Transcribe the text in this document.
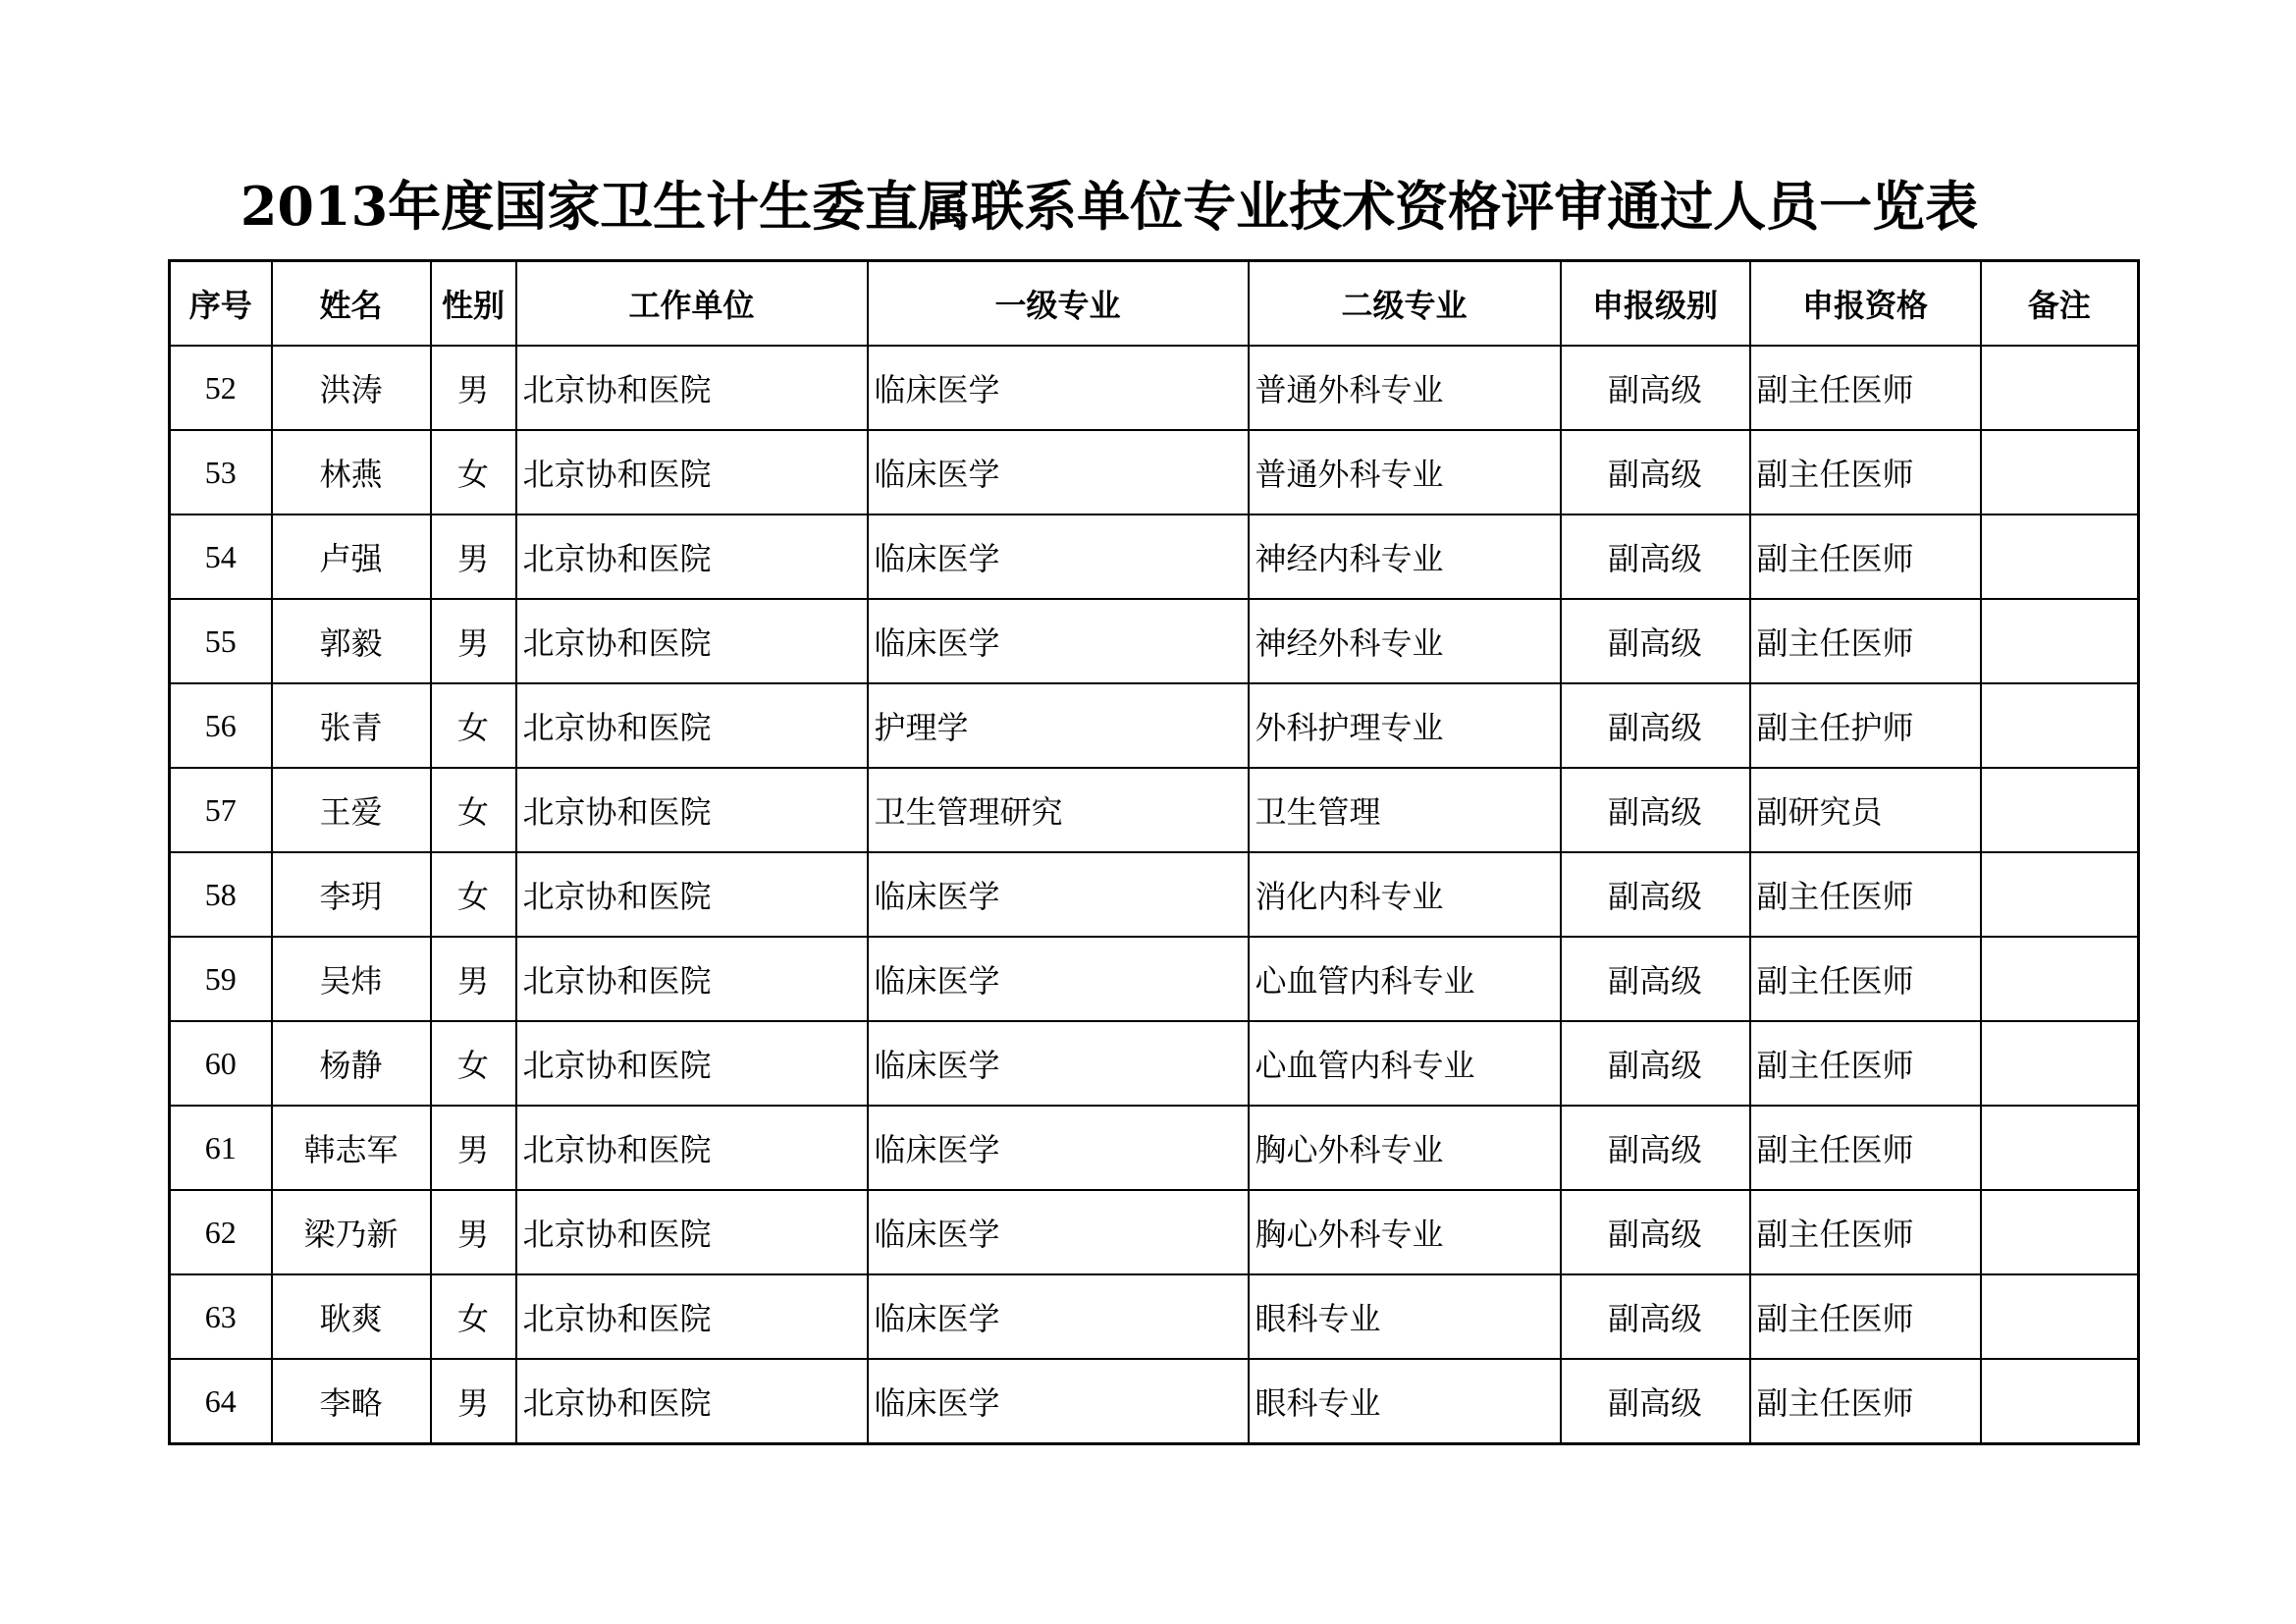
2013年度国家卫生计生委直属联系单位专业技术资格评审通过人员一览表
序号	姓名	性别	工作单位	一级专业	二级专业	申报级别	申报资格	备注
52	洪涛	男	北京协和医院	临床医学	普通外科专业	副高级	副主任医师	
53	林燕	女	北京协和医院	临床医学	普通外科专业	副高级	副主任医师	
54	卢强	男	北京协和医院	临床医学	神经内科专业	副高级	副主任医师	
55	郭毅	男	北京协和医院	临床医学	神经外科专业	副高级	副主任医师	
56	张青	女	北京协和医院	护理学	外科护理专业	副高级	副主任护师	
57	王爱	女	北京协和医院	卫生管理研究	卫生管理	副高级	副研究员	
58	李玥	女	北京协和医院	临床医学	消化内科专业	副高级	副主任医师	
59	吴炜	男	北京协和医院	临床医学	心血管内科专业	副高级	副主任医师	
60	杨静	女	北京协和医院	临床医学	心血管内科专业	副高级	副主任医师	
61	韩志军	男	北京协和医院	临床医学	胸心外科专业	副高级	副主任医师	
62	梁乃新	男	北京协和医院	临床医学	胸心外科专业	副高级	副主任医师	
63	耿爽	女	北京协和医院	临床医学	眼科专业	副高级	副主任医师	
64	李略	男	北京协和医院	临床医学	眼科专业	副高级	副主任医师	
